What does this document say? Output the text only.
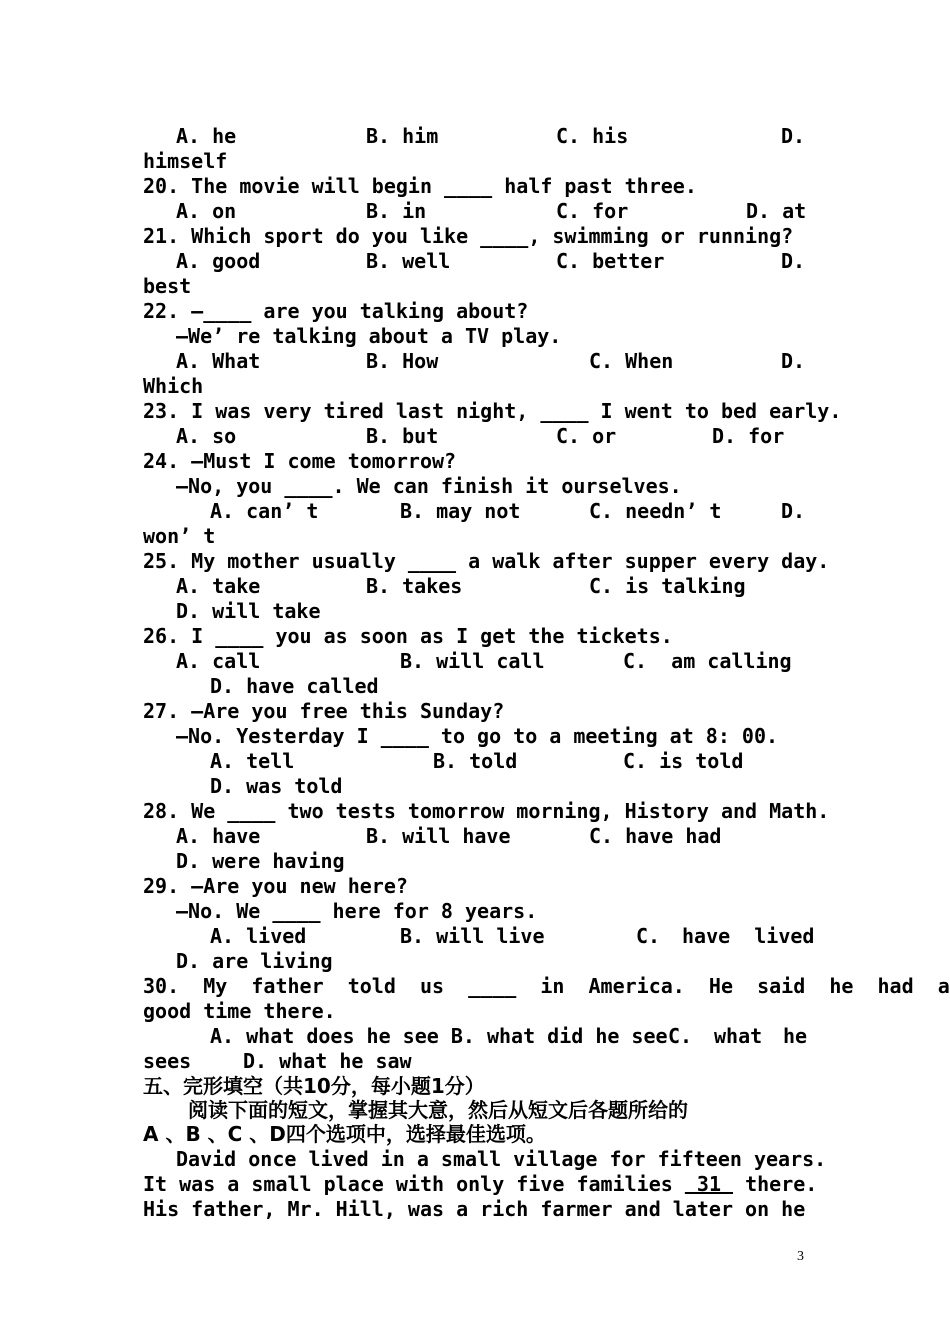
A. he	B. him	C. his	D.
himself
20. The movie will begin ____ half past three.
A. on	B. in	C. for	D. at
21. Which sport do you like ____, swimming or running?
A. good	B. well	C. better	D.
best
22. —____ are you talking about?
—We’ re talking about a TV play.
A. What	B. How	C. When	D.
Which
23. I was very tired last night, ____ I went to bed early.
A. so	B. but	C. or	D. for
24. —Must I come tomorrow?
—No, you ____. We can finish it ourselves.
A. can’ t	B. may not	C. needn’ t	D.
won’ t
25. My mother usually ____ a walk after supper every day.
A. take	B. takes	C. is talking
D. will take
26. I ____ you as soon as I get the tickets.
A. call	B. will call	C.  am calling
D. have called
27. —Are you free this Sunday?
—No. Yesterday I ____ to go to a meeting at 8: 00.
A. tell	B. told	C. is told
D. was told
28. We ____ two tests tomorrow morning, History and Math.
A. have	B. will have	C. have had
D. were having
29. —Are you new here?
—No. We ____ here for 8 years.
A. lived	B. will live	C. have  lived
D. are living
30.  My  father  told  us  ____  in  America.  He  said  he  had  a
good time there.
A. what does he see B. what did he see C. what he
sees	D. what he saw
五、完形填空（共10分，每小题1分）
阅读下面的短文，掌握其大意，然后从短文后各题所给的
A 、B 、C 、D四个选项中，选择最佳选项。
David once lived in a small village for fifteen years.
It was a small place with only five families  31  there.
His father, Mr. Hill, was a rich farmer and later on he
3
